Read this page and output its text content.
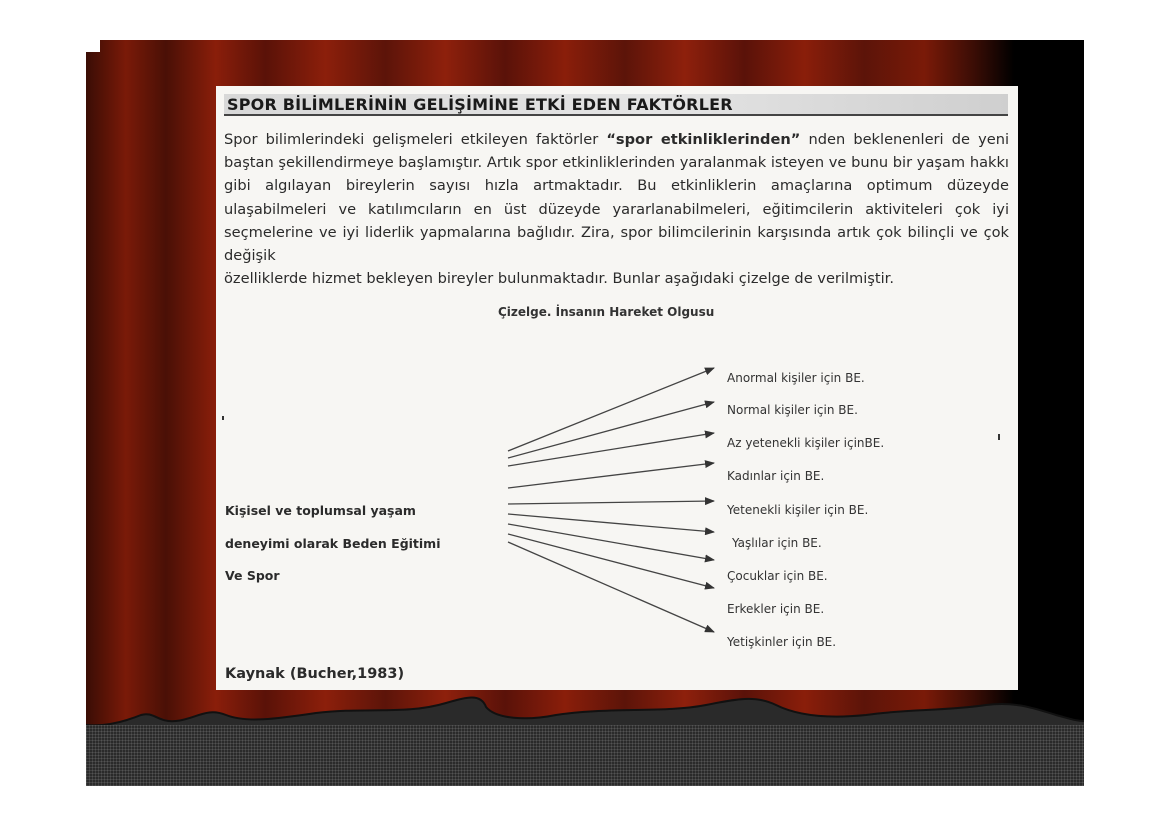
SPOR BİLİMLERİNİN GELİŞİMİNE ETKİ EDEN FAKTÖRLER
Spor bilimlerindeki gelişmeleri etkileyen faktörler “spor etkinliklerinden” nden beklenenleri de yeni baştan şekillendirmeye başlamıştır. Artık spor etkinliklerinden yaralanmak isteyen ve bunu bir yaşam hakkı gibi algılayan bireylerin sayısı hızla artmaktadır. Bu etkinliklerin amaçlarına optimum düzeyde ulaşabilmeleri ve katılımcıların en üst düzeyde yararlanabilmeleri, eğitimcilerin aktiviteleri çok iyi seçmelerine ve iyi liderlik yapmalarına bağlıdır. Zira, spor bilimcilerinin karşısında artık çok bilinçli ve çok değişik
özelliklerde hizmet bekleyen bireyler bulunmaktadır. Bunlar aşağıdaki çizelge de verilmiştir.
Çizelge. İnsanın Hareket Olgusu
Kişisel ve toplumsal yaşam
deneyimi olarak Beden Eğitimi
Ve Spor
Anormal kişiler için BE.
Normal kişiler için BE.
Az yetenekli kişiler içinBE.
Kadınlar için BE.
Yetenekli kişiler için BE.
Yaşlılar için BE.
Çocuklar için BE.
Erkekler için BE.
Yetişkinler için BE.
Kaynak (Bucher,1983)
